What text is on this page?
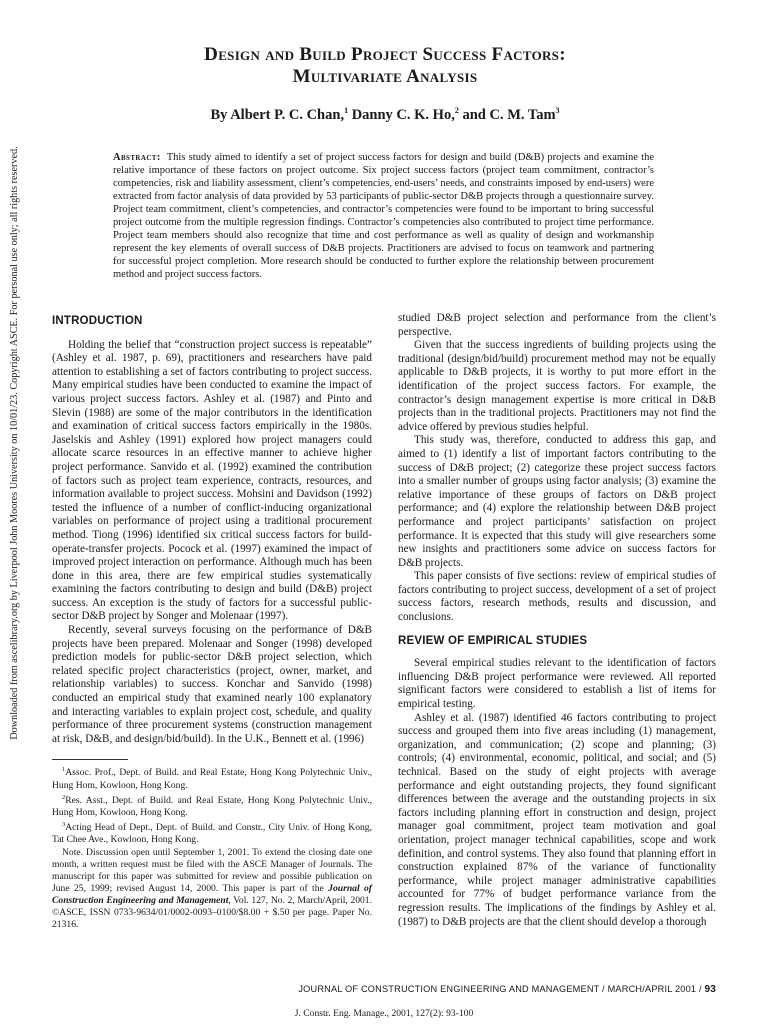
Downloaded from ascelibrary.org by Liverpool John Moores University on 10/01/23. Copyright ASCE. For personal use only; all rights reserved.
Design and Build Project Success Factors:
Multivariate Analysis
By Albert P. C. Chan,$^1$ Danny C. K. Ho,$^2$ and C. M. Tam$^3$
Abstract: This study aimed to identify a set of project success factors for design and build (D&B) projects and examine the relative importance of these factors on project outcome. Six project success factors (project team commitment, contractor’s competencies, risk and liability assessment, client’s competencies, end-users’ needs, and constraints imposed by end-users) were extracted from factor analysis of data provided by 53 participants of public-sector D&B projects through a questionnaire survey. Project team commitment, client’s competencies, and contractor’s competencies were found to be important to bring successful project outcome from the multiple regression findings. Contractor’s competencies also contributed to project time performance. Project team members should also recognize that time and cost performance as well as quality of design and workmanship represent the key elements of overall success of D&B projects. Practitioners are advised to focus on teamwork and partnering for successful project completion. More research should be conducted to further explore the relationship between procurement method and project success factors.
INTRODUCTION

Holding the belief that “construction project success is repeatable” (Ashley et al. 1987, p. 69), practitioners and researchers have paid attention to establishing a set of factors contributing to project success. Many empirical studies have been conducted to examine the impact of various project success factors. Ashley et al. (1987) and Pinto and Slevin (1988) are some of the major contributors in the identification and examination of critical success factors empirically in the 1980s. Jaselskis and Ashley (1991) explored how project managers could allocate scarce resources in an effective manner to achieve higher project performance. Sanvido et al. (1992) examined the contribution of factors such as project team experience, contracts, resources, and information available to project success. Mohsini and Davidson (1992) tested the influence of a number of conflict-inducing organizational variables on performance of project using a traditional procurement method. Tiong (1996) identified six critical success factors for build-operate-transfer projects. Pocock et al. (1997) examined the impact of improved project interaction on performance. Although much has been done in this area, there are few empirical studies systematically examining the factors contributing to design and build (D&B) project success. An exception is the study of factors for a successful public-sector D&B project by Songer and Molenaar (1997).

Recently, several surveys focusing on the performance of D&B projects have been prepared. Molenaar and Songer (1998) developed prediction models for public-sector D&B project selection, which related specific project characteristics (project, owner, market, and relationship variables) to success. Konchar and Sanvido (1998) conducted an empirical study that examined nearly 100 explanatory and interacting variables to explain project cost, schedule, and quality performance of three procurement systems (construction management at risk, D&B, and design/bid/build). In the U.K., Bennett et al. (1996)

$^1$Assoc. Prof., Dept. of Build. and Real Estate, Hong Kong Polytechnic Univ., Hung Hom, Kowloon, Hong Kong.

$^2$Res. Asst., Dept. of Build. and Real Estate, Hong Kong Polytechnic Univ., Hung Hom, Kowloon, Hong Kong.

$^3$Acting Head of Dept., Dept. of Build. and Constr., City Univ. of Hong Kong, Tat Chee Ave., Kowloon, Hong Kong.

Note. Discussion open until September 1, 2001. To extend the closing date one month, a written request must be filed with the ASCE Manager of Journals. The manuscript for this paper was submitted for review and possible publication on June 25, 1999; revised August 14, 2000. This paper is part of the Journal of Construction Engineering and Management, Vol. 127, No. 2, March/April, 2001. ©ASCE, ISSN 0733-9634/01/0002-0093–0100/$8.00 + $.50 per page. Paper No. 21316.

studied D&B project selection and performance from the client’s perspective.

Given that the success ingredients of building projects using the traditional (design/bid/build) procurement method may not be equally applicable to D&B projects, it is worthy to put more effort in the identification of the project success factors. For example, the contractor’s design management expertise is more critical in D&B projects than in the traditional projects. Practitioners may not find the advice offered by previous studies helpful.

This study was, therefore, conducted to address this gap, and aimed to (1) identify a list of important factors contributing to the success of D&B project; (2) categorize these project success factors into a smaller number of groups using factor analysis; (3) examine the relative importance of these groups of factors on D&B project performance; and (4) explore the relationship between D&B project performance and project participants’ satisfaction on project performance. It is expected that this study will give researchers some new insights and practitioners some advice on success factors for D&B projects.

This paper consists of five sections: review of empirical studies of factors contributing to project success, development of a set of project success factors, research methods, results and discussion, and conclusions.

REVIEW OF EMPIRICAL STUDIES

Several empirical studies relevant to the identification of factors influencing D&B project performance were reviewed. All reported significant factors were considered to establish a list of items for empirical testing.

Ashley et al. (1987) identified 46 factors contributing to project success and grouped them into five areas including (1) management, organization, and communication; (2) scope and planning; (3) controls; (4) environmental, economic, political, and social; and (5) technical. Based on the study of eight projects with average performance and eight outstanding projects, they found significant differences between the average and the outstanding projects in six factors including planning effort in construction and design, project manager goal commitment, project team motivation and goal orientation, project manager technical capabilities, scope and work definition, and control systems. They also found that planning effort in construction explained 87% of the variance of functionality performance, while project manager administrative capabilities accounted for 77% of budget performance variance from the regression results. The implications of the findings by Ashley et al. (1987) to D&B projects are that the client should develop a thorough

JOURNAL OF CONSTRUCTION ENGINEERING AND MANAGEMENT / MARCH/APRIL 2001 / 93
J. Constr. Eng. Manage., 2001, 127(2): 93-100
